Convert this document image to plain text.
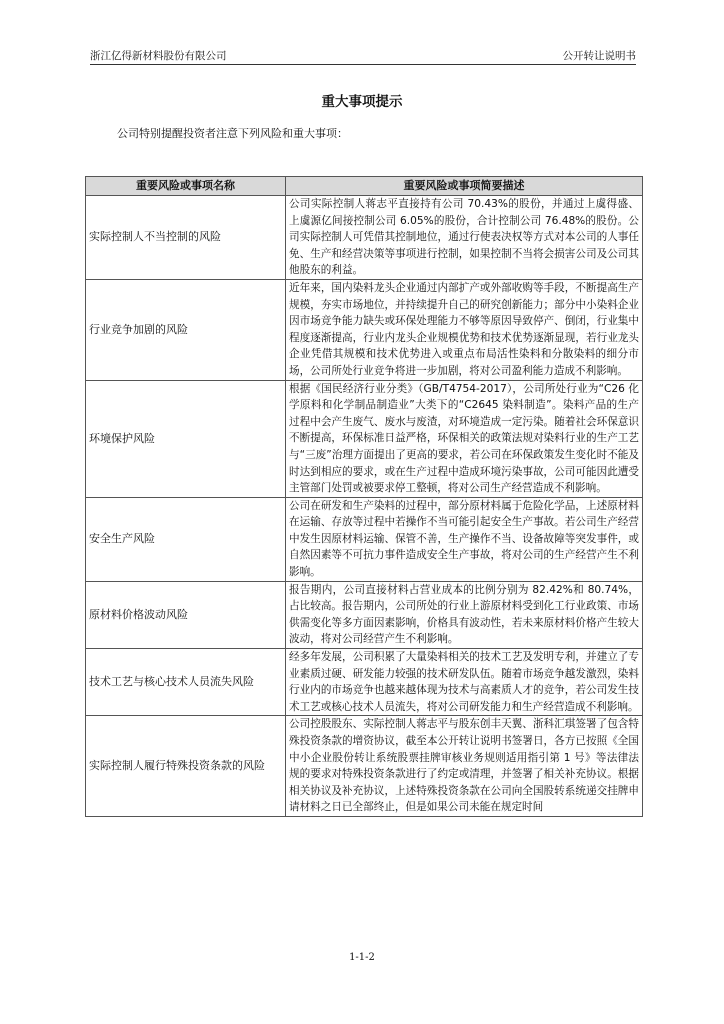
浙江亿得新材料股份有限公司	公开转让说明书
重大事项提示
公司特别提醒投资者注意下列风险和重大事项：
重要风险或事项名称	重要风险或事项简要描述
实际控制人不当控制的风险	公司实际控制人蒋志平直接持有公司 70.43%的股份，并通过上虞得盛、上虞源亿间接控制公司 6.05%的股份，合计控制公司 76.48%的股份。公司实际控制人可凭借其控制地位，通过行使表决权等方式对本公司的人事任免、生产和经营决策等事项进行控制，如果控制不当将会损害公司及公司其他股东的利益。
行业竞争加剧的风险	近年来，国内染料龙头企业通过内部扩产或外部收购等手段，不断提高生产规模，夯实市场地位，并持续提升自己的研究创新能力；部分中小染料企业因市场竞争能力缺失或环保处理能力不够等原因导致停产、倒闭，行业集中程度逐渐提高，行业内龙头企业规模优势和技术优势逐渐显现，若行业龙头企业凭借其规模和技术优势进入或重点布局活性染料和分散染料的细分市场，公司所处行业竞争将进一步加剧，将对公司盈利能力造成不利影响。
环境保护风险	根据《国民经济行业分类》（GB/T4754-2017），公司所处行业为“C26 化学原料和化学制品制造业”大类下的“C2645 染料制造”。染料产品的生产过程中会产生废气、废水与废渣，对环境造成一定污染。随着社会环保意识不断提高，环保标准日益严格，环保相关的政策法规对染料行业的生产工艺与“三废”治理方面提出了更高的要求，若公司在环保政策发生变化时不能及时达到相应的要求，或在生产过程中造成环境污染事故，公司可能因此遭受主管部门处罚或被要求停工整顿，将对公司生产经营造成不利影响。
安全生产风险	公司在研发和生产染料的过程中，部分原材料属于危险化学品，上述原材料在运输、存放等过程中若操作不当可能引起安全生产事故。若公司生产经营中发生因原材料运输、保管不善，生产操作不当、设备故障等突发事件，或自然因素等不可抗力事件造成安全生产事故，将对公司的生产经营产生不利影响。
原材料价格波动风险	报告期内，公司直接材料占营业成本的比例分别为 82.42%和 80.74%，占比较高。报告期内，公司所处的行业上游原材料受到化工行业政策、市场供需变化等多方面因素影响，价格具有波动性，若未来原材料价格产生较大波动，将对公司经营产生不利影响。
技术工艺与核心技术人员流失风险	经多年发展，公司积累了大量染料相关的技术工艺及发明专利，并建立了专业素质过硬、研发能力较强的技术研发队伍。随着市场竞争越发激烈，染料行业内的市场竞争也越来越体现为技术与高素质人才的竞争，若公司发生技术工艺或核心技术人员流失，将对公司研发能力和生产经营造成不利影响。
实际控制人履行特殊投资条款的风险	公司控股股东、实际控制人蒋志平与股东创丰天翼、浙科汇琪签署了包含特殊投资条款的增资协议，截至本公开转让说明书签署日，各方已按照《全国中小企业股份转让系统股票挂牌审核业务规则适用指引第 1 号》等法律法规的要求对特殊投资条款进行了约定或清理，并签署了相关补充协议。根据相关协议及补充协议，上述特殊投资条款在公司向全国股转系统递交挂牌申请材料之日已全部终止，但是如果公司未能在规定时间
1-1-2
